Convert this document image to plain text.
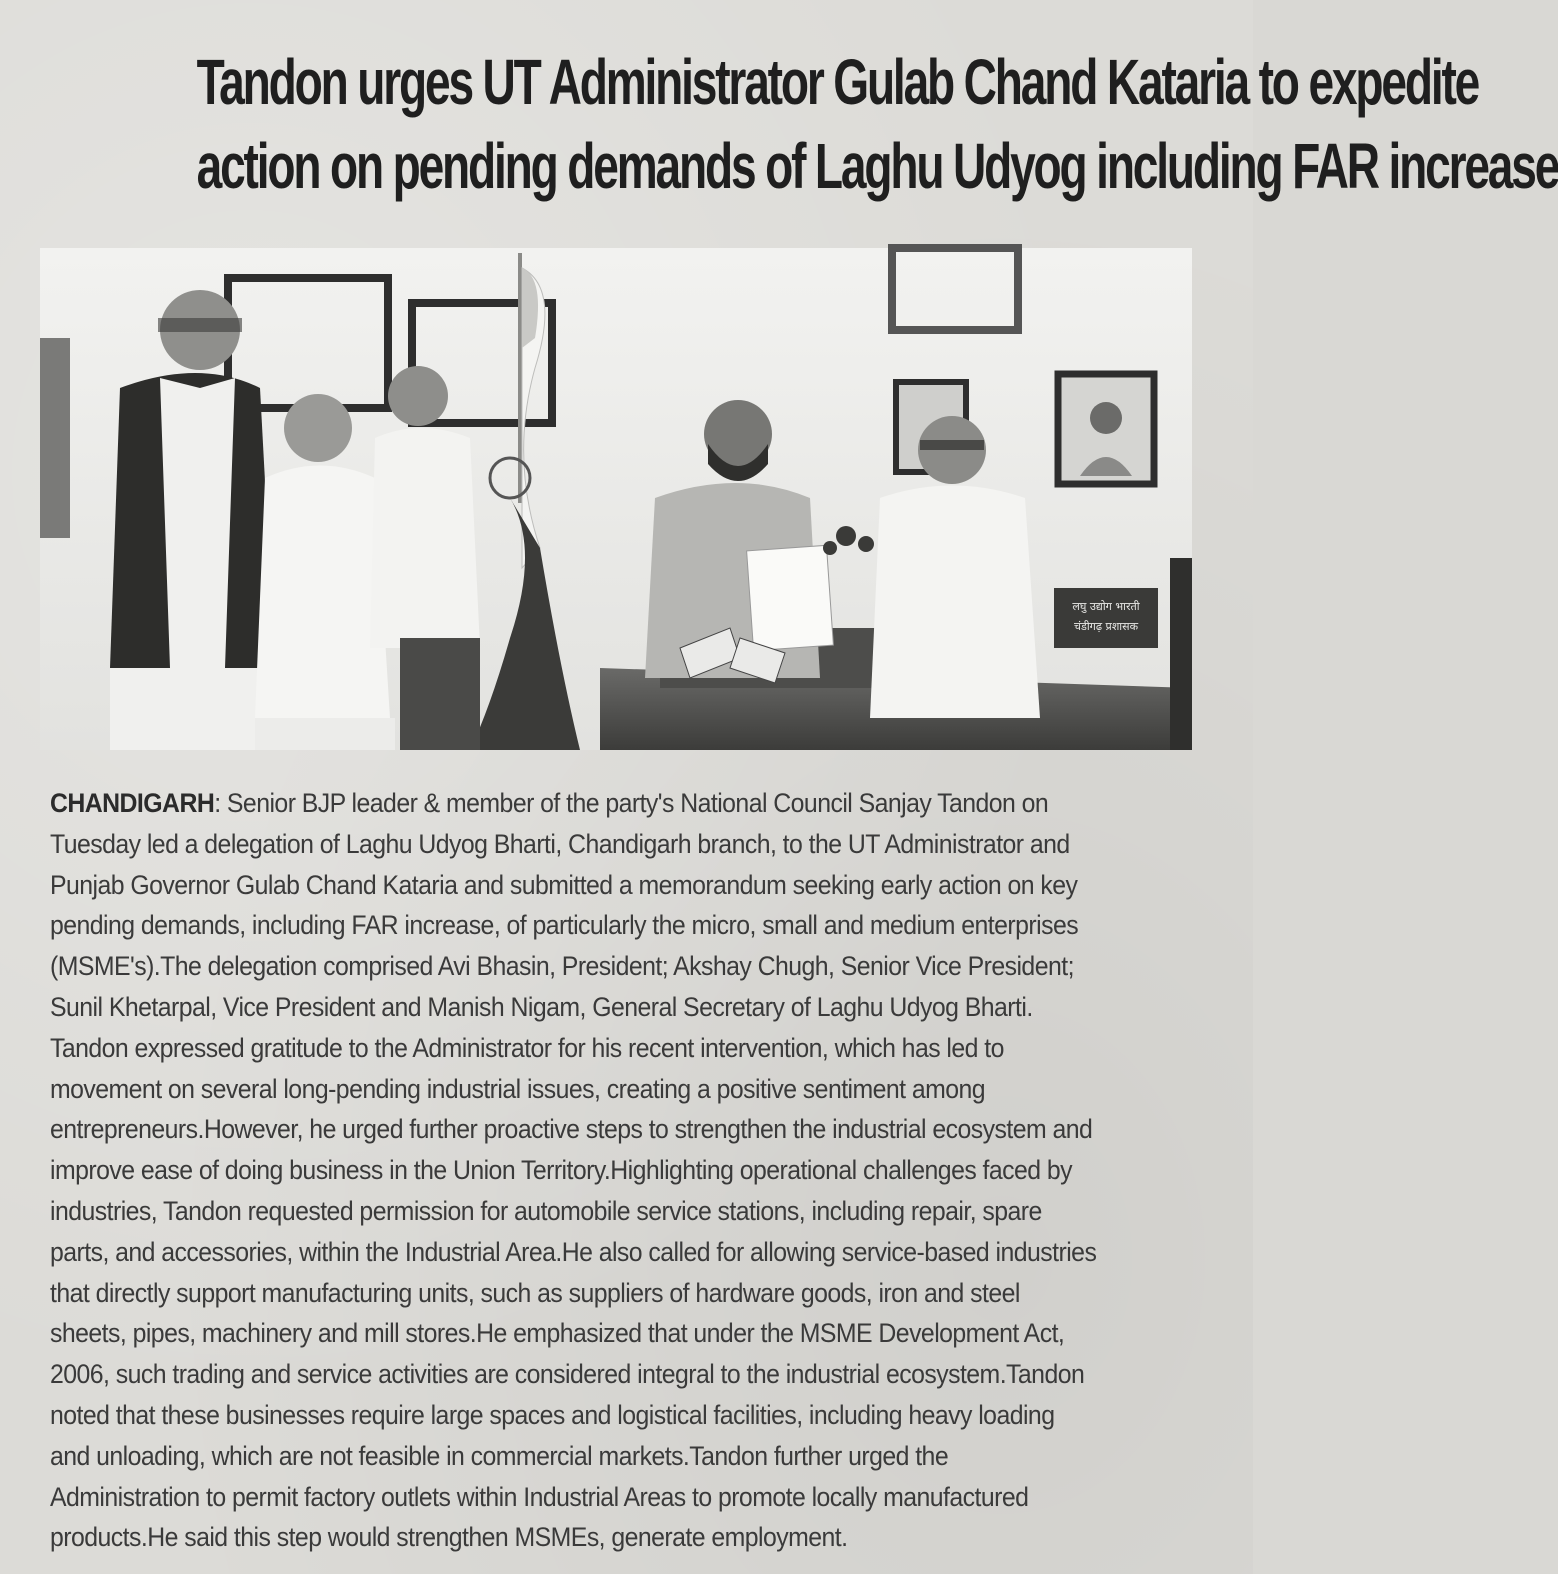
Tandon urges UT Administrator Gulab Chand Kataria to expedite
action on pending demands of Laghu Udyog including FAR increase
लघु उद्योग भारती
चंडीगढ़ प्रशासक
CHANDIGARH: Senior BJP leader & member of the party's National Council Sanjay Tandon on
Tuesday led a delegation of Laghu Udyog Bharti, Chandigarh branch, to the UT Administrator and
Punjab Governor Gulab Chand Kataria and submitted a memorandum seeking early action on key
pending demands, including FAR increase, of particularly the micro, small and medium enterprises
(MSME's).The delegation comprised Avi Bhasin, President; Akshay Chugh, Senior Vice President;
Sunil Khetarpal, Vice President and Manish Nigam, General Secretary of Laghu Udyog Bharti.
Tandon expressed gratitude to the Administrator for his recent intervention, which has led to
movement on several long-pending industrial issues, creating a positive sentiment among
entrepreneurs.However, he urged further proactive steps to strengthen the industrial ecosystem and
improve ease of doing business in the Union Territory.Highlighting operational challenges faced by
industries, Tandon requested permission for automobile service stations, including repair, spare
parts, and accessories, within the Industrial Area.He also called for allowing service-based industries
that directly support manufacturing units, such as suppliers of hardware goods, iron and steel
sheets, pipes, machinery and mill stores.He emphasized that under the MSME Development Act,
2006, such trading and service activities are considered integral to the industrial ecosystem.Tandon
noted that these businesses require large spaces and logistical facilities, including heavy loading
and unloading, which are not feasible in commercial markets.Tandon further urged the
Administration to permit factory outlets within Industrial Areas to promote locally manufactured
products.He said this step would strengthen MSMEs, generate employment.
